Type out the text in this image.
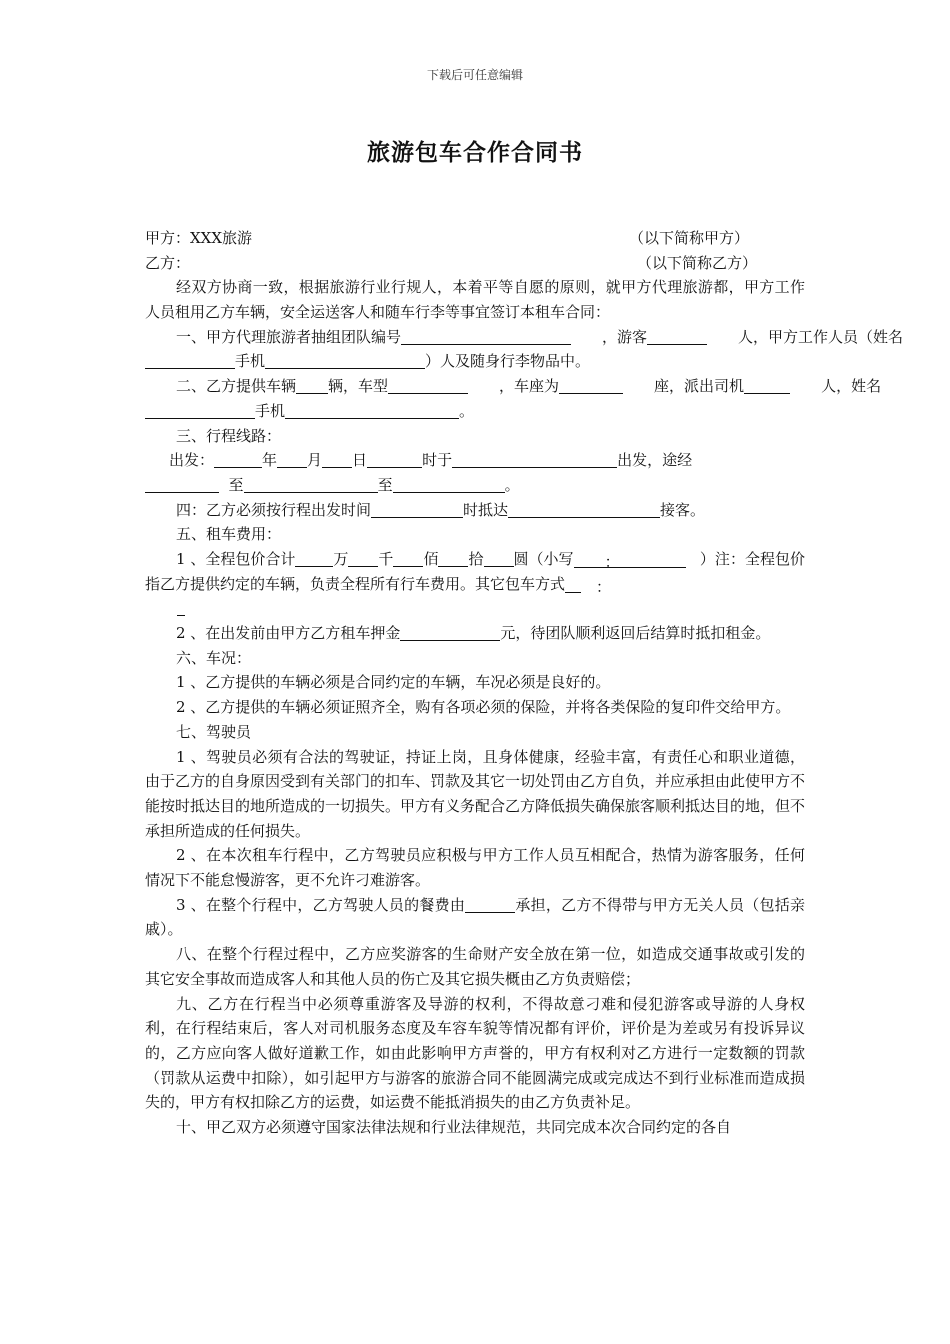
下载后可任意编辑
旅游包车合作合同书
甲方：XXX旅游	（以下简称甲方）
乙方：	（以下简称乙方）
经双方协商一致，根据旅游行业行规人，本着平等自愿的原则，就甲方代理旅游都，甲方工作人员租用乙方车辆，安全运送客人和随车行李等事宜签订本租车合同：
一、甲方代理旅游者抽组团队编号	，游客	人，甲方工作人员（姓名
手机	）人及随身行李物品中。
二、乙方提供车辆 辆，车型	，车座为	座，派出司机	人，姓名
手机	。
三、行程线路：
出发：	年 月 日	时于	出发，途经
至	至	。
四：乙方必须按行程出发时间	时抵达	接客。
五、租车费用：
1 、全程包价合计	万 千 佰 拾 圆（小写 ：	）注：全程包价指乙方提供约定的车辆，负责全程所有行车费用。其它包车方式 ：
2 、在出发前由甲方乙方租车押金	元，待团队顺利返回后结算时抵扣租金。
六、车况：
1 、乙方提供的车辆必须是合同约定的车辆，车况必须是良好的。
2 、乙方提供的车辆必须证照齐全，购有各项必须的保险，并将各类保险的复印件交给甲方。
七、驾驶员
1 、驾驶员必须有合法的驾驶证，持证上岗，且身体健康，经验丰富，有责任心和职业道德，由于乙方的自身原因受到有关部门的扣车、罚款及其它一切处罚由乙方自负，并应承担由此使甲方不能按时抵达目的地所造成的一切损失。甲方有义务配合乙方降低损失确保旅客顺利抵达目的地，但不承担所造成的任何损失。
2 、在本次租车行程中，乙方驾驶员应积极与甲方工作人员互相配合，热情为游客服务，任何情况下不能怠慢游客，更不允许刁难游客。
3 、在整个行程中，乙方驾驶人员的餐费由	承担，乙方不得带与甲方无关人员（包括亲戚）。
八、在整个行程过程中，乙方应奖游客的生命财产安全放在第一位，如造成交通事故或引发的其它安全事故而造成客人和其他人员的伤亡及其它损失概由乙方负责赔偿；
九、乙方在行程当中必须尊重游客及导游的权利，不得故意刁难和侵犯游客或导游的人身权利，在行程结束后，客人对司机服务态度及车容车貌等情况都有评价，评价是为差或另有投诉异议的，乙方应向客人做好道歉工作，如由此影响甲方声誉的，甲方有权利对乙方进行一定数额的罚款（罚款从运费中扣除），如引起甲方与游客的旅游合同不能圆满完成或完成达不到行业标准而造成损失的，甲方有权扣除乙方的运费，如运费不能抵消损失的由乙方负责补足。
十、甲乙双方必须遵守国家法律法规和行业法律规范，共同完成本次合同约定的各自
